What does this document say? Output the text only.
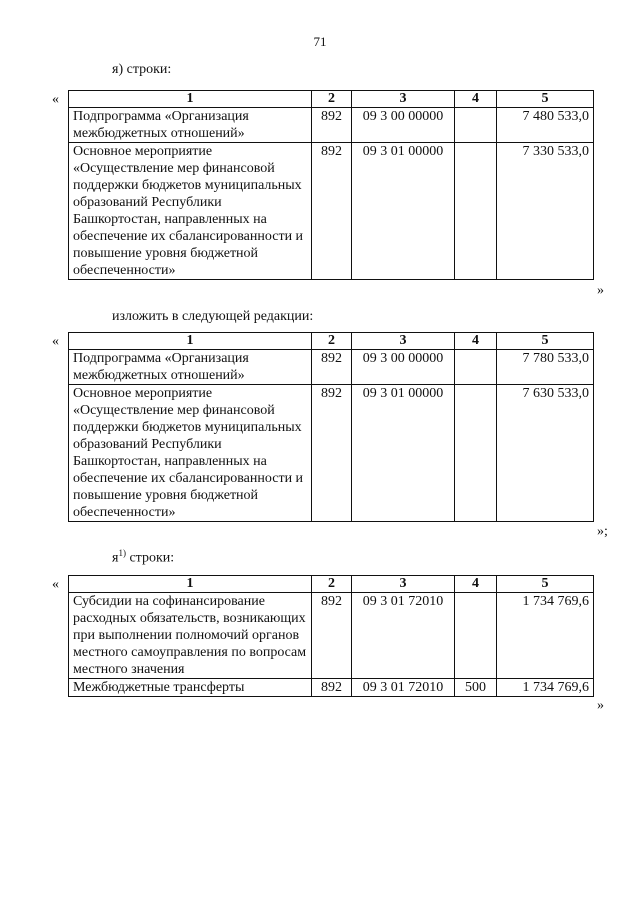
71
я) строки:
«	1	2	3	4	5
Подпрограмма «Организация межбюджетных отношений»	892	09 3 00 00000		7 480 533,0
Основное мероприятие «Осуществление мер финансовой поддержки бюджетов муниципальных образований Республики Башкортостан, направленных на обеспечение их сбалансированности и повышение уровня бюджетной обеспеченности»	892	09 3 01 00000		7 330 533,0
»
изложить в следующей редакции:
«	1	2	3	4	5
Подпрограмма «Организация межбюджетных отношений»	892	09 3 00 00000		7 780 533,0
Основное мероприятие «Осуществление мер финансовой поддержки бюджетов муниципальных образований Республики Башкортостан, направленных на обеспечение их сбалансированности и повышение уровня бюджетной обеспеченности»	892	09 3 01 00000		7 630 533,0
»;
$я^{1)}$ строки:
«	1	2	3	4	5
Субсидии на софинансирование расходных обязательств, возникающих при выполнении полномочий органов местного самоуправления по вопросам местного значения	892	09 3 01 72010		1 734 769,6
Межбюджетные трансферты	892	09 3 01 72010	500	1 734 769,6
»
